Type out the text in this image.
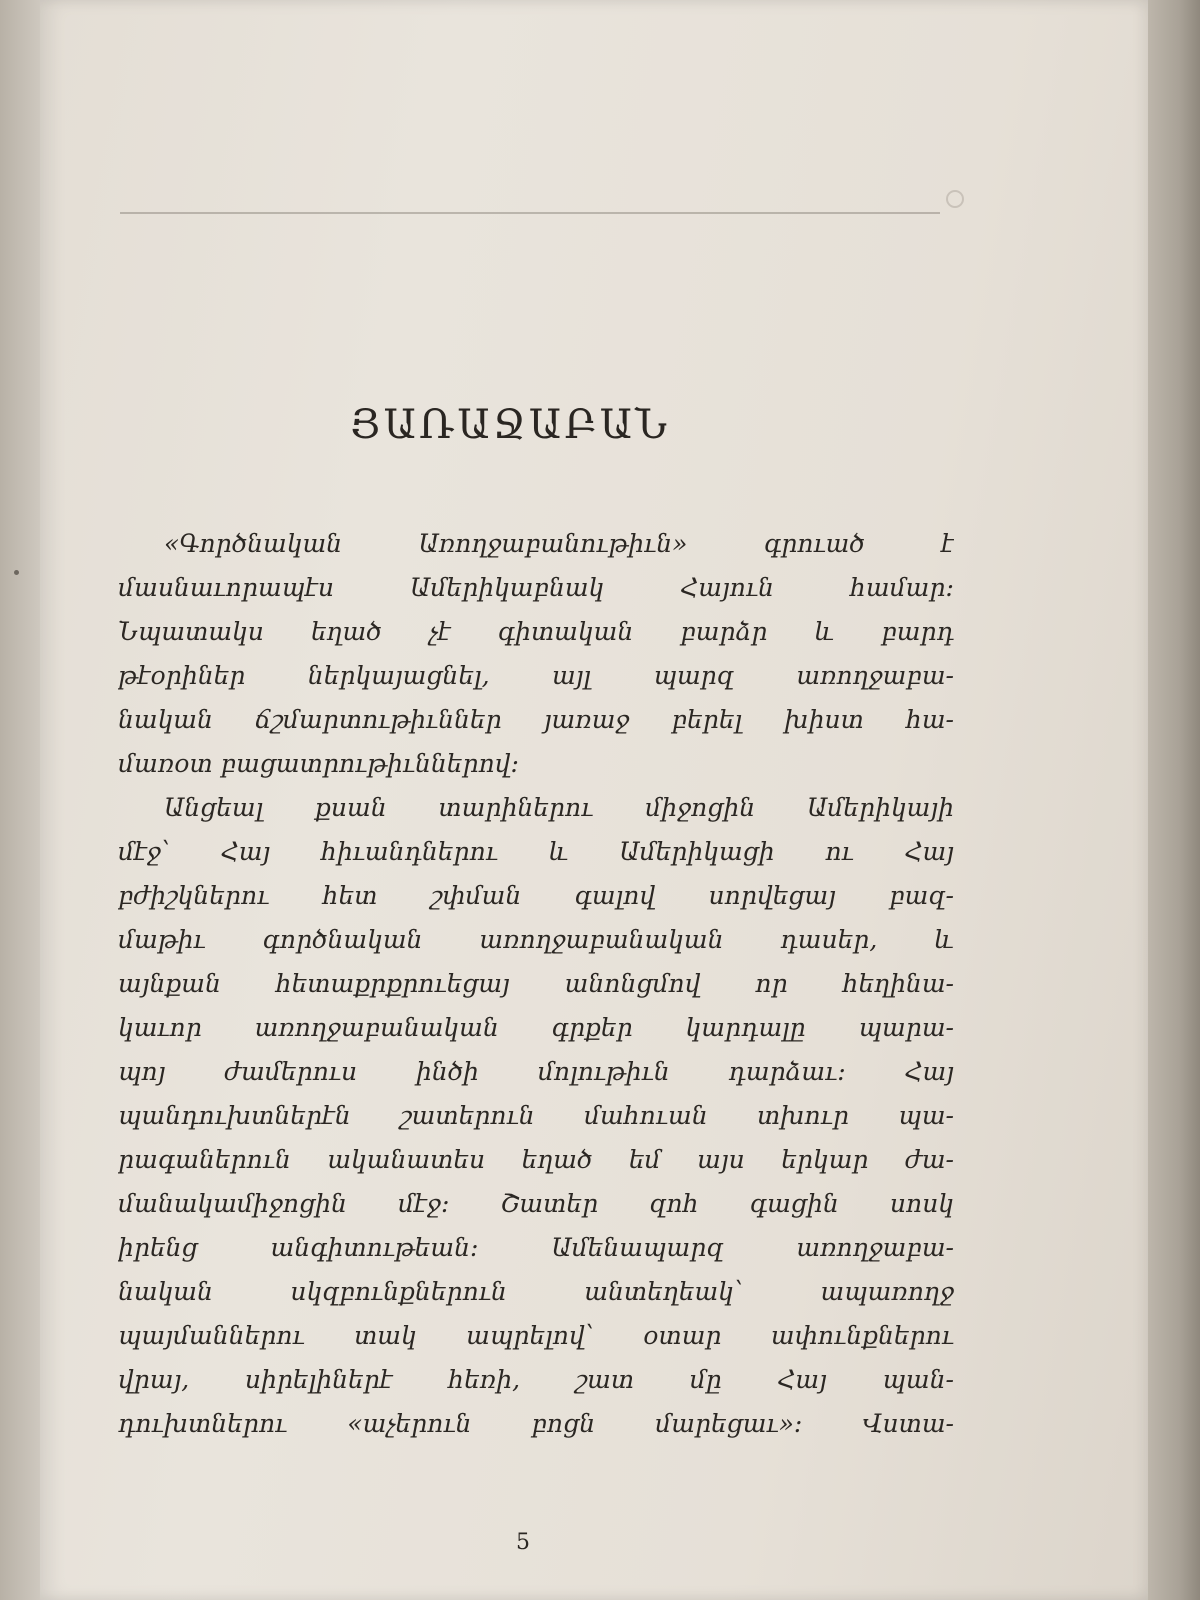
ՅԱՌԱՋԱԲԱՆ
«Գործնական Առողջաբանութիւն» գրուած է
մասնաւորապէս Ամերիկաբնակ Հայուն համար։
Նպատակս եղած չէ գիտական բարձր և բարդ
թէօրիներ ներկայացնել, այլ պարզ առողջաբա-
նական ճշմարտութիւններ յառաջ բերել խիստ հա-
մառօտ բացատրութիւններով։
Անցեալ քսան տարիներու միջոցին Ամերիկայի
մէջ՝ Հայ հիւանդներու և Ամերիկացի ու Հայ
բժիշկներու հետ շփման գալով սորվեցայ բազ-
մաթիւ գործնական առողջաբանական դասեր, և
այնքան հետաքրքրուեցայ անոնցմով որ հեղինա-
կաւոր առողջաբանական գրքեր կարդալը պարա-
պոյ ժամերուս ինծի մոլութիւն դարձաւ։ Հայ
պանդուխտներէն շատերուն մահուան տխուր պա-
րագաներուն ականատես եղած եմ այս երկար ժա-
մանակամիջոցին մէջ։ Շատեր զոհ գացին սոսկ
իրենց անգիտութեան։ Ամենապարզ առողջաբա-
նական սկզբունքներուն անտեղեակ՝ ապառողջ
պայմաններու տակ ապրելով՝ օտար ափունքներու
վրայ, սիրելիներէ հեռի, շատ մը Հայ պան-
դուխտներու «աչերուն բոցն մարեցաւ»։ Վստա-
5
